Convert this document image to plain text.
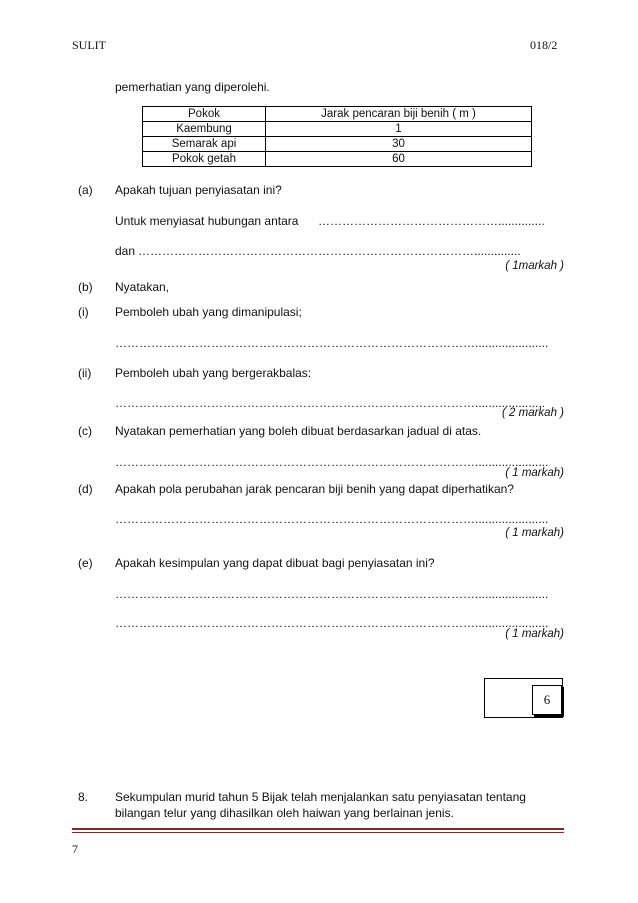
SULIT	018/2
pemerhatian yang diperolehi.
Pokok	Jarak pencaran biji benih ( m )
Kaembung	1
Semarak api	30
Pokok getah	60
(a) Apakah tujuan penyiasatan ini?
Untuk menyiasat hubungan antara ………………………………………..............
dan …………………………………………………………………………..............
( 1markah )
(b) Nyatakan,
(i) Pemboleh ubah yang dimanipulasi;
………………………………………………………………………………......................
(ii) Pemboleh ubah yang bergerakbalas:
……………………………………………………………………………….....................
( 2 markah )
(c) Nyatakan pemerhatian yang boleh dibuat berdasarkan jadual di atas.
………………………………………………………………………………......................
( 1 markah)
(d) Apakah pola perubahan jarak pencaran biji benih yang dapat diperhatikan?
………………………………………………………………………………......................
( 1 markah)
(e) Apakah kesimpulan yang dapat dibuat bagi penyiasatan ini?
………………………………………………………………………………......................
………………………………………………………………………………......................
( 1 markah)
6
8. Sekumpulan murid tahun 5 Bijak telah menjalankan satu penyiasatan tentang
bilangan telur yang dihasilkan oleh haiwan yang berlainan jenis.
7
